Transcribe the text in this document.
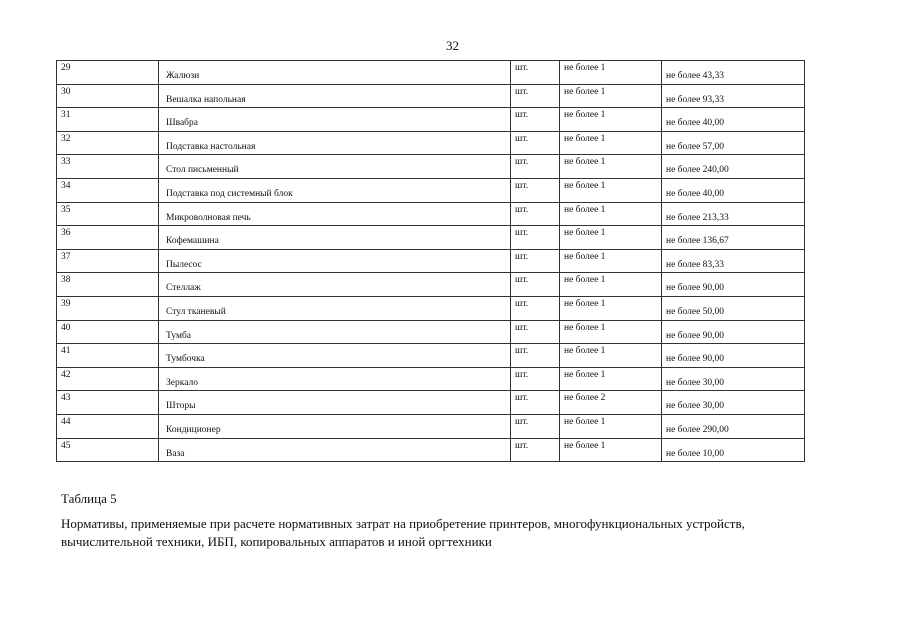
32
29	Жалюзи	шт.	не более 1	не более 43,33

30	Вешалка напольная	шт.	не более 1	не более 93,33

31	Швабра	шт.	не более 1	не более 40,00

32	Подставка настольная	шт.	не более 1	не более 57,00

33	Стол письменный	шт.	не более 1	не более 240,00

34	Подставка под системный блок	шт.	не более 1	не более 40,00

35	Микроволновая печь	шт.	не более 1	не более 213,33

36	Кофемашина	шт.	не более 1	не более 136,67

37	Пылесос	шт.	не более 1	не более 83,33

38	Стеллаж	шт.	не более 1	не более 90,00

39	Стул тканевый	шт.	не более 1	не более 50,00

40	Тумба	шт.	не более 1	не более 90,00

41	Тумбочка	шт.	не более 1	не более 90,00

42	Зеркало	шт.	не более 1	не более 30,00

43	Шторы	шт.	не более 2	не более 30,00

44	Кондиционер	шт.	не более 1	не более 290,00

45	Ваза	шт.	не более 1	не более 10,00
Таблица 5
Нормативы, применяемые при расчете нормативных затрат на приобретение принтеров, многофункциональных устройств, вычислительной техники, ИБП, копировальных аппаратов и иной оргтехники
